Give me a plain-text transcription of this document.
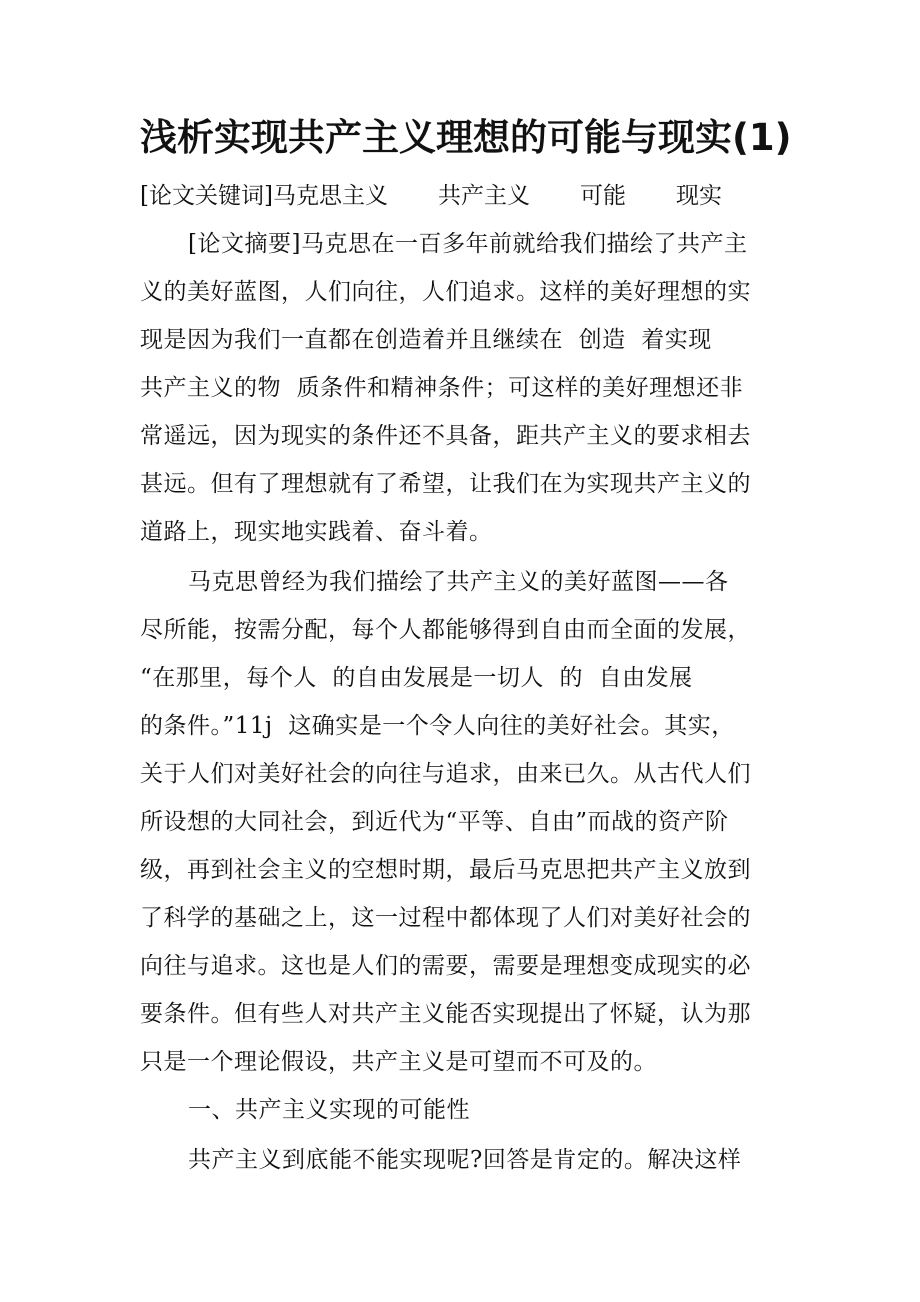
浅析实现共产主义理想的可能与现实(1)
[论文关键词]马克思主义 共产主义 可能 现实
[论文摘要]马克思在一百多年前就给我们描绘了共产主
义的美好蓝图，人们向往，人们追求。这样的美好理想的实
现是因为我们一直都在创造着并且继续在  创造  着实现
共产主义的物  质条件和精神条件；可这样的美好理想还非
常遥远，因为现实的条件还不具备，距共产主义的要求相去
甚远。但有了理想就有了希望，让我们在为实现共产主义的
道路上，现实地实践着、奋斗着。
马克思曾经为我们描绘了共产主义的美好蓝图——各
尽所能，按需分配，每个人都能够得到自由而全面的发展，
“在那里，每个人  的自由发展是一切人  的  自由发展
的条件。”11j  这确实是一个令人向往的美好社会。其实，
关于人们对美好社会的向往与追求，由来已久。从古代人们
所设想的大同社会，到近代为“平等、自由”而战的资产阶
级，再到社会主义的空想时期，最后马克思把共产主义放到
了科学的基础之上，这一过程中都体现了人们对美好社会的
向往与追求。这也是人们的需要，需要是理想变成现实的必
要条件。但有些人对共产主义能否实现提出了怀疑，认为那
只是一个理论假设，共产主义是可望而不可及的。
一、共产主义实现的可能性
共产主义到底能不能实现呢?回答是肯定的。解决这样
